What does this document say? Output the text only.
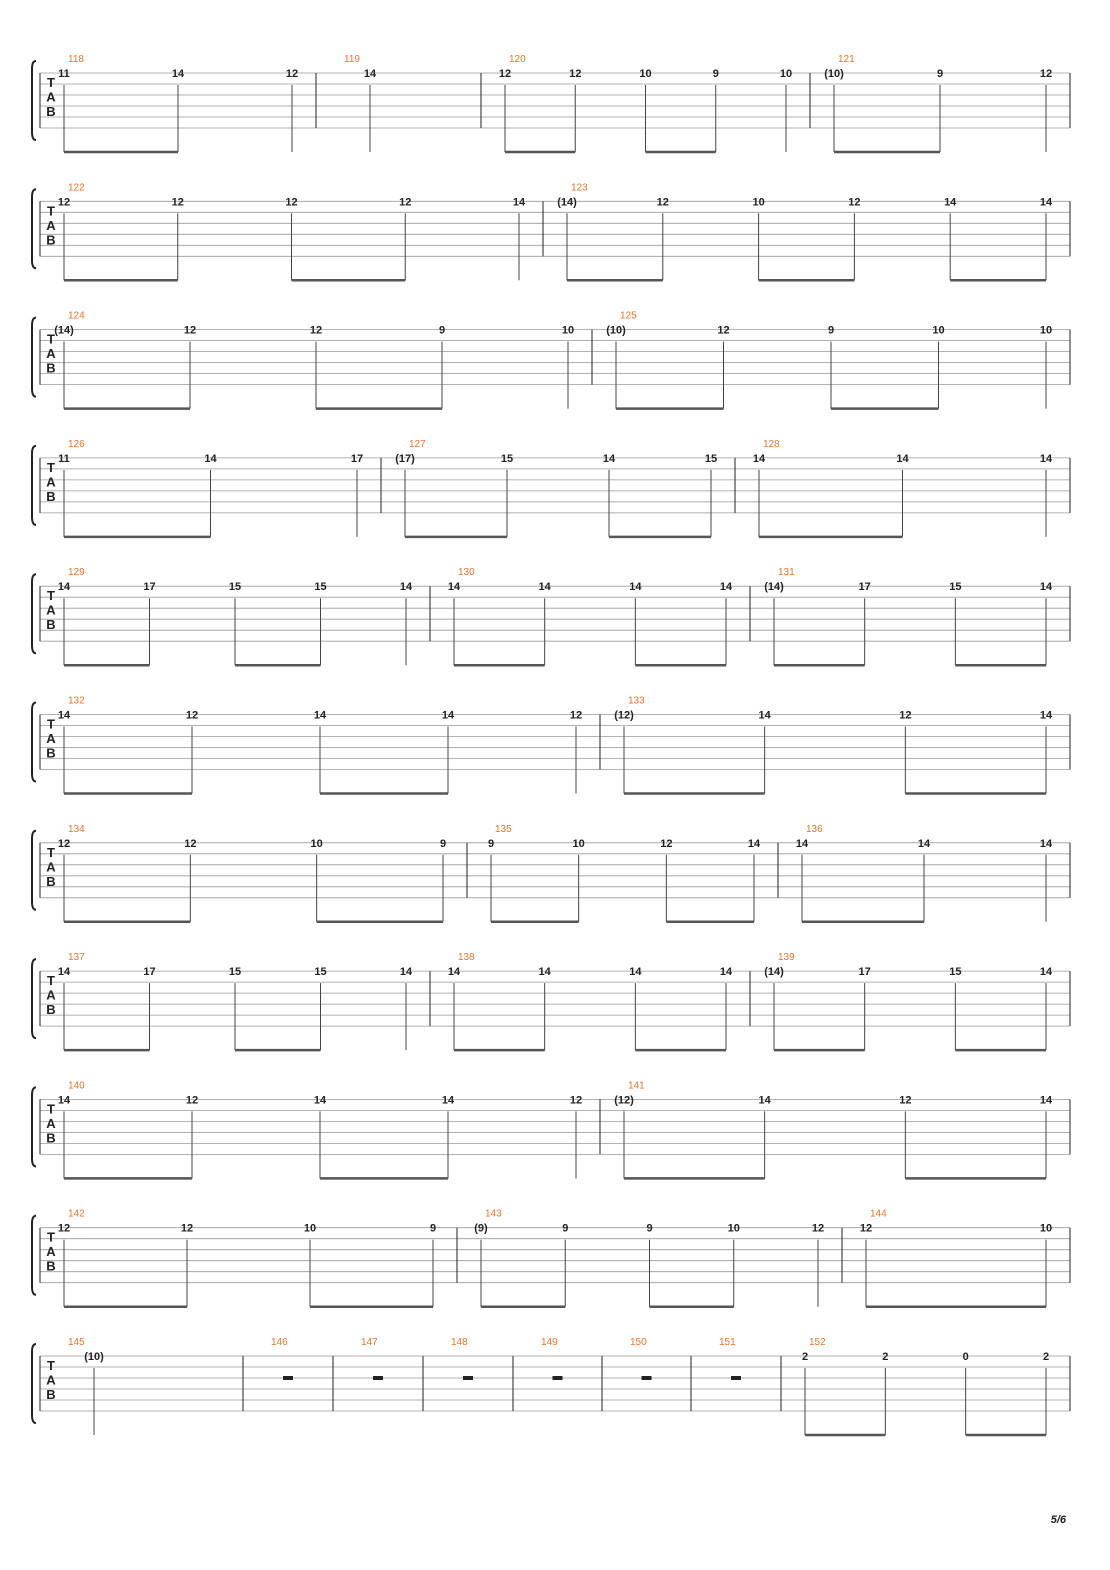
T
A
B
118
11	14	12
119
14
120
12	12	10	9	10
121
(10)	9	12
T
A
B
122
12	12	12	12	14
123
(14)	12	10	12	14	14
T
A
B
124
(14)	12	12	9	10
125
(10)	12	9	10	10
T
A
B
126
11	14	17
127
(17)	15	14	15
128
14	14	14
T
A
B
129
14	17	15	15	14
130
14	14	14	14
131
(14)	17	15	14
T
A
B
132
14	12	14	14	12
133
(12)	14	12	14
T
A
B
134
12	12	10	9
135
9	10	12	14
136
14	14	14
T
A
B
137
14	17	15	15	14
138
14	14	14	14
139
(14)	17	15	14
T
A
B
140
14	12	14	14	12
141
(12)	14	12	14
T
A
B
142
12	12	10	9
143
(9)	9	9	10	12
144
12	10
T
A
B
145
(10)
146	147	148	149	150	151	152
2	2	0	2
5/6
